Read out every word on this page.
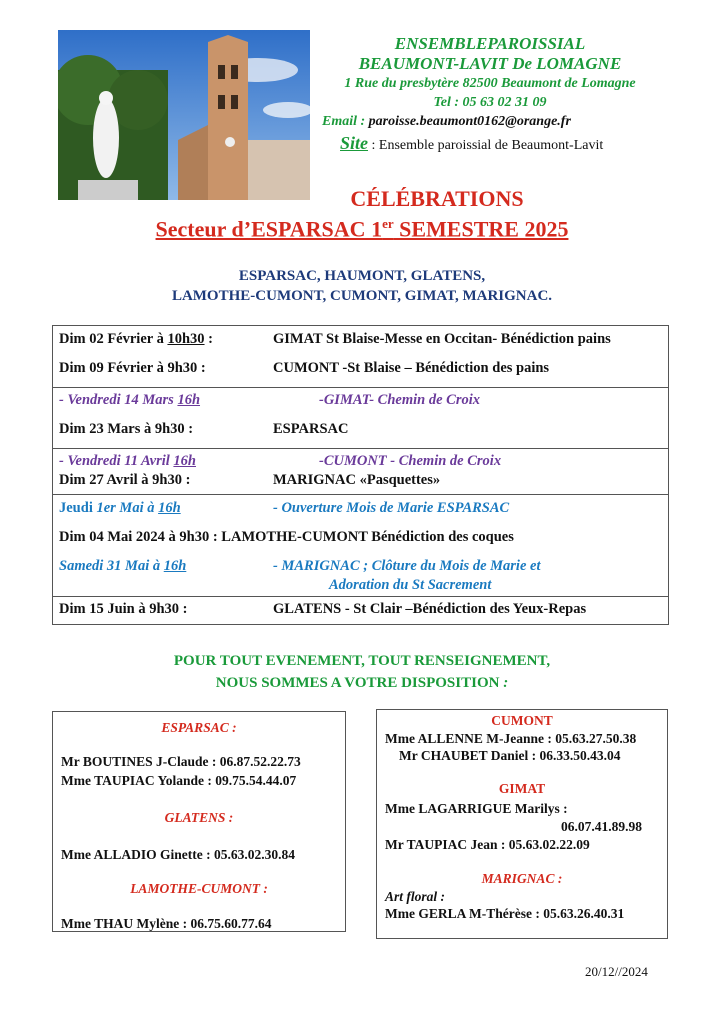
ENSEMBLEPAROISSIAL
BEAUMONT-LAVIT De LOMAGNE
1 Rue du presbytère 82500 Beaumont de Lomagne
Tel : 05 63 02 31 09
Email : paroisse.beaumont0162@orange.fr
Site : Ensemble paroissial de Beaumont-Lavit
CÉLÉBRATIONS
Secteur d’ESPARSAC 1er SEMESTRE 2025
ESPARSAC, HAUMONT, GLATENS,
LAMOTHE-CUMONT, CUMONT, GIMAT, MARIGNAC.
Dim 02 Février à 10h30 :	GIMAT St Blaise-Messe en Occitan- Bénédiction pains
Dim 09 Février à 9h30 :	CUMONT -St Blaise – Bénédiction des pains
- Vendredi 14 Mars 16h	-GIMAT- Chemin de Croix
Dim 23 Mars à 9h30 :	ESPARSAC
- Vendredi 11 Avril 16h	-CUMONT - Chemin de Croix
Dim 27 Avril à 9h30 :	MARIGNAC «Pasquettes»
Jeudi 1er Mai à 16h	- Ouverture Mois de Marie ESPARSAC
Dim 04 Mai 2024 à 9h30 : LAMOTHE-CUMONT Bénédiction des coques
Samedi 31 Mai à 16h	- MARIGNAC ; Clôture du Mois de Marie et
Adoration du St Sacrement
Dim 15 Juin à 9h30 :	GLATENS - St Clair –Bénédiction des Yeux-Repas
POUR TOUT EVENEMENT, TOUT RENSEIGNEMENT,
NOUS SOMMES A VOTRE DISPOSITION :

ESPARSAC :

Mr BOUTINES J-Claude : 06.87.52.22.73

Mme TAUPIAC Yolande : 09.75.54.44.07

GLATENS :

Mme ALLADIO Ginette : 05.63.02.30.84

LAMOTHE-CUMONT :

Mme THAU Mylène : 06.75.60.77.64

CUMONT

Mme ALLENNE M-Jeanne : 05.63.27.50.38

Mr CHAUBET Daniel : 06.33.50.43.04

GIMAT

Mme LAGARRIGUE Marilys :

06.07.41.89.98

Mr TAUPIAC Jean : 05.63.02.22.09

MARIGNAC :

Art floral :

Mme GERLA M-Thérèse : 05.63.26.40.31

20/12//2024
